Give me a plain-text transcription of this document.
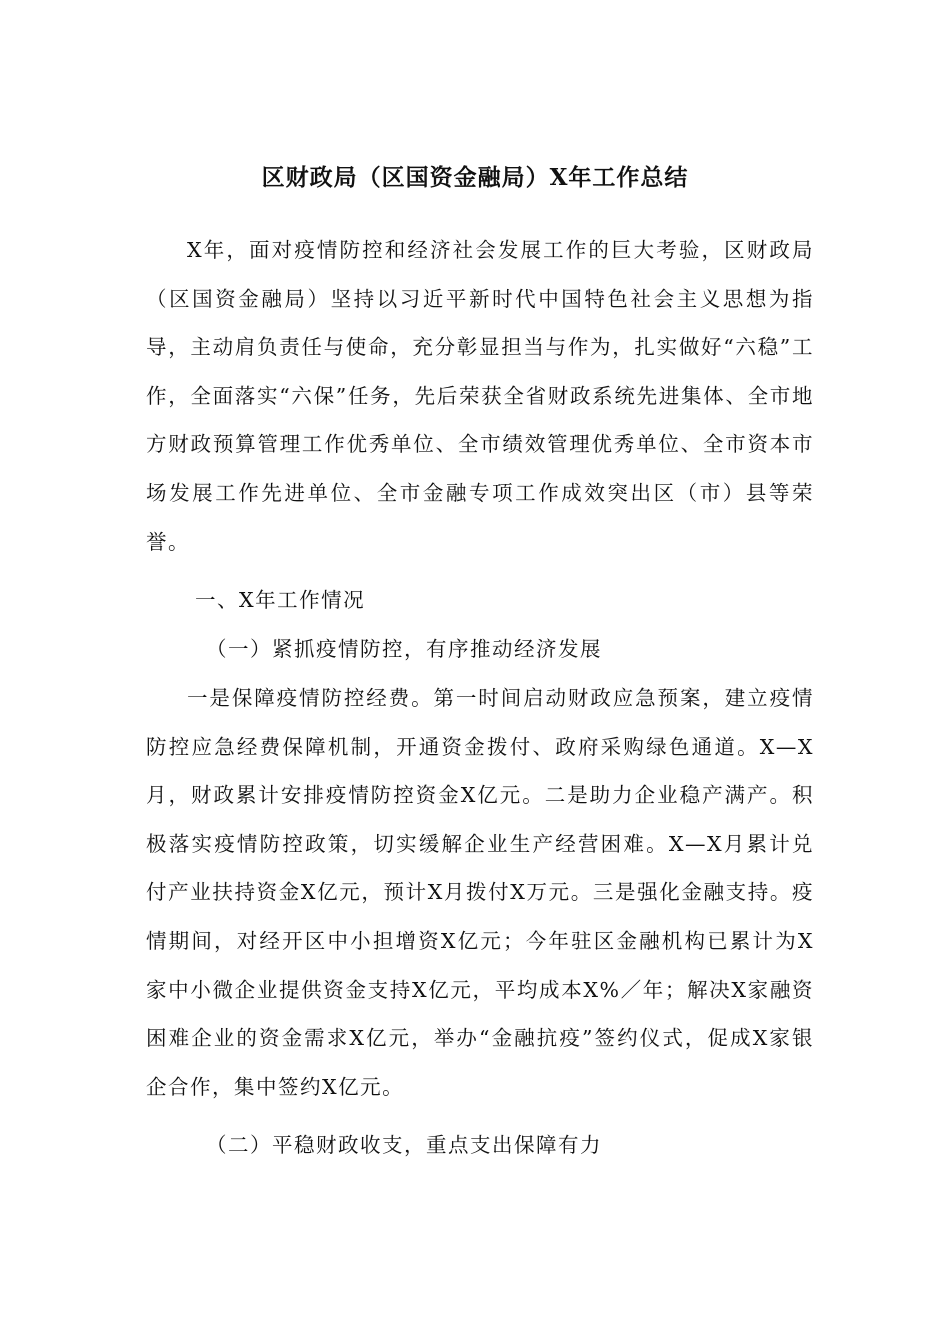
区财政局（区国资金融局）X年工作总结

X年，面对疫情防控和经济社会发展工作的巨大考验，区财政局（区国资金融局）坚持以习近平新时代中国特色社会主义思想为指导，主动肩负责任与使命，充分彰显担当与作为，扎实做好“六稳”工作，全面落实“六保”任务，先后荣获全省财政系统先进集体、全市地方财政预算管理工作优秀单位、全市绩效管理优秀单位、全市资本市场发展工作先进单位、全市金融专项工作成效突出区（市）县等荣誉。

一、X年工作情况

（一）紧抓疫情防控，有序推动经济发展

一是保障疫情防控经费。第一时间启动财政应急预案，建立疫情防控应急经费保障机制，开通资金拨付、政府采购绿色通道。X—X月，财政累计安排疫情防控资金X亿元。二是助力企业稳产满产。积极落实疫情防控政策，切实缓解企业生产经营困难。X—X月累计兑付产业扶持资金X亿元，预计X月拨付X万元。三是强化金融支持。疫情期间，对经开区中小担增资X亿元；今年驻区金融机构已累计为X家中小微企业提供资金支持X亿元，平均成本X%／年；解决X家融资困难企业的资金需求X亿元，举办“金融抗疫”签约仪式，促成X家银企合作，集中签约X亿元。

（二）平稳财政收支，重点支出保障有力
